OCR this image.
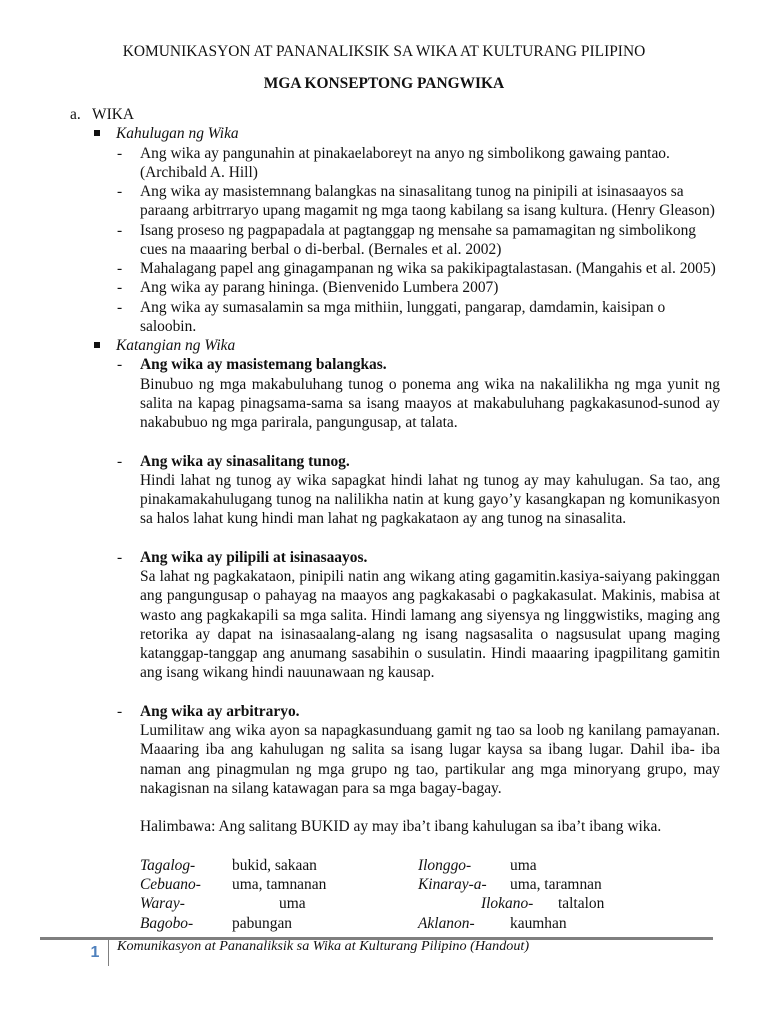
KOMUNIKASYON AT PANANALIKSIK SA WIKA AT KULTURANG PILIPINO
MGA KONSEPTONG PANGWIKA
a. WIKA
Kahulugan ng Wika
-
Ang wika ay pangunahin at pinakaelaboreyt na anyo ng simbolikong gawaing pantao.
(Archibald A. Hill)
-
Ang wika ay masistemnang balangkas na sinasalitang tunog na pinipili at isinasaayos sa
paraang arbitrraryo upang magamit ng mga taong kabilang sa isang kultura. (Henry Gleason)
-
Isang proseso ng pagpapadala at pagtanggap ng mensahe sa pamamagitan ng simbolikong
cues na maaaring berbal o di-berbal. (Bernales et al. 2002)
-
Mahalagang papel ang ginagampanan ng wika sa pakikipagtalastasan. (Mangahis et al. 2005)
-
Ang wika ay parang hininga. (Bienvenido Lumbera 2007)
-
Ang wika ay sumasalamin sa mga mithiin, lunggati, pangarap, damdamin, kaisipan o
saloobin.
Katangian ng Wika
-
Ang wika ay masistemang balangkas.
Binubuo ng mga makabuluhang tunog o ponema ang wika na nakalilikha ng mga yunit ng
salita na kapag pinagsama-sama sa isang maayos at makabuluhang pagkakasunod-sunod ay
nakabubuo ng mga parirala, pangungusap, at talata.
-
Ang wika ay sinasalitang tunog.
Hindi lahat ng tunog ay wika sapagkat hindi lahat ng tunog ay may kahulugan. Sa tao, ang
pinakamakahulugang tunog na nalilikha natin at kung gayo’y kasangkapan ng komunikasyon
sa halos lahat kung hindi man lahat ng pagkakataon ay ang tunog na sinasalita.
-
Ang wika ay pilipili at isinasaayos.
Sa lahat ng pagkakataon, pinipili natin ang wikang ating gagamitin.kasiya-saiyang pakinggan
ang pangungusap o pahayag na maayos ang pagkakasabi o pagkakasulat. Makinis, mabisa at
wasto ang pagkakapili sa mga salita. Hindi lamang ang siyensya ng linggwistiks, maging ang
retorika ay dapat na isinasaalang-alang ng isang nagsasalita o nagsusulat upang maging
katanggap-tanggap ang anumang sasabihin o susulatin. Hindi maaaring ipagpilitang gamitin
ang isang wikang hindi nauunawaan ng kausap.
-
Ang wika ay arbitraryo.
Lumilitaw ang wika ayon sa napagkasunduang gamit ng tao sa loob ng kanilang pamayanan.
Maaaring iba ang kahulugan ng salita sa isang lugar kaysa sa ibang lugar. Dahil iba- iba
naman ang pinagmulan ng mga grupo ng tao, partikular ang mga minoryang grupo, may
nakagisnan na silang katawagan para sa mga bagay-bagay.
Halimbawa: Ang salitang BUKID ay may iba’t ibang kahulugan sa iba’t ibang wika.
Tagalog- bukid, sakaan	Ilonggo-	uma
Cebuano- uma, tamnanan	Kinaray-a- uma, taramnan
Waray-	uma	Ilokano- taltalon
Bagobo-	pabungan	Aklanon- kaumhan
1	Komunikasyon at Pananaliksik sa Wika at Kulturang Pilipino (Handout)
